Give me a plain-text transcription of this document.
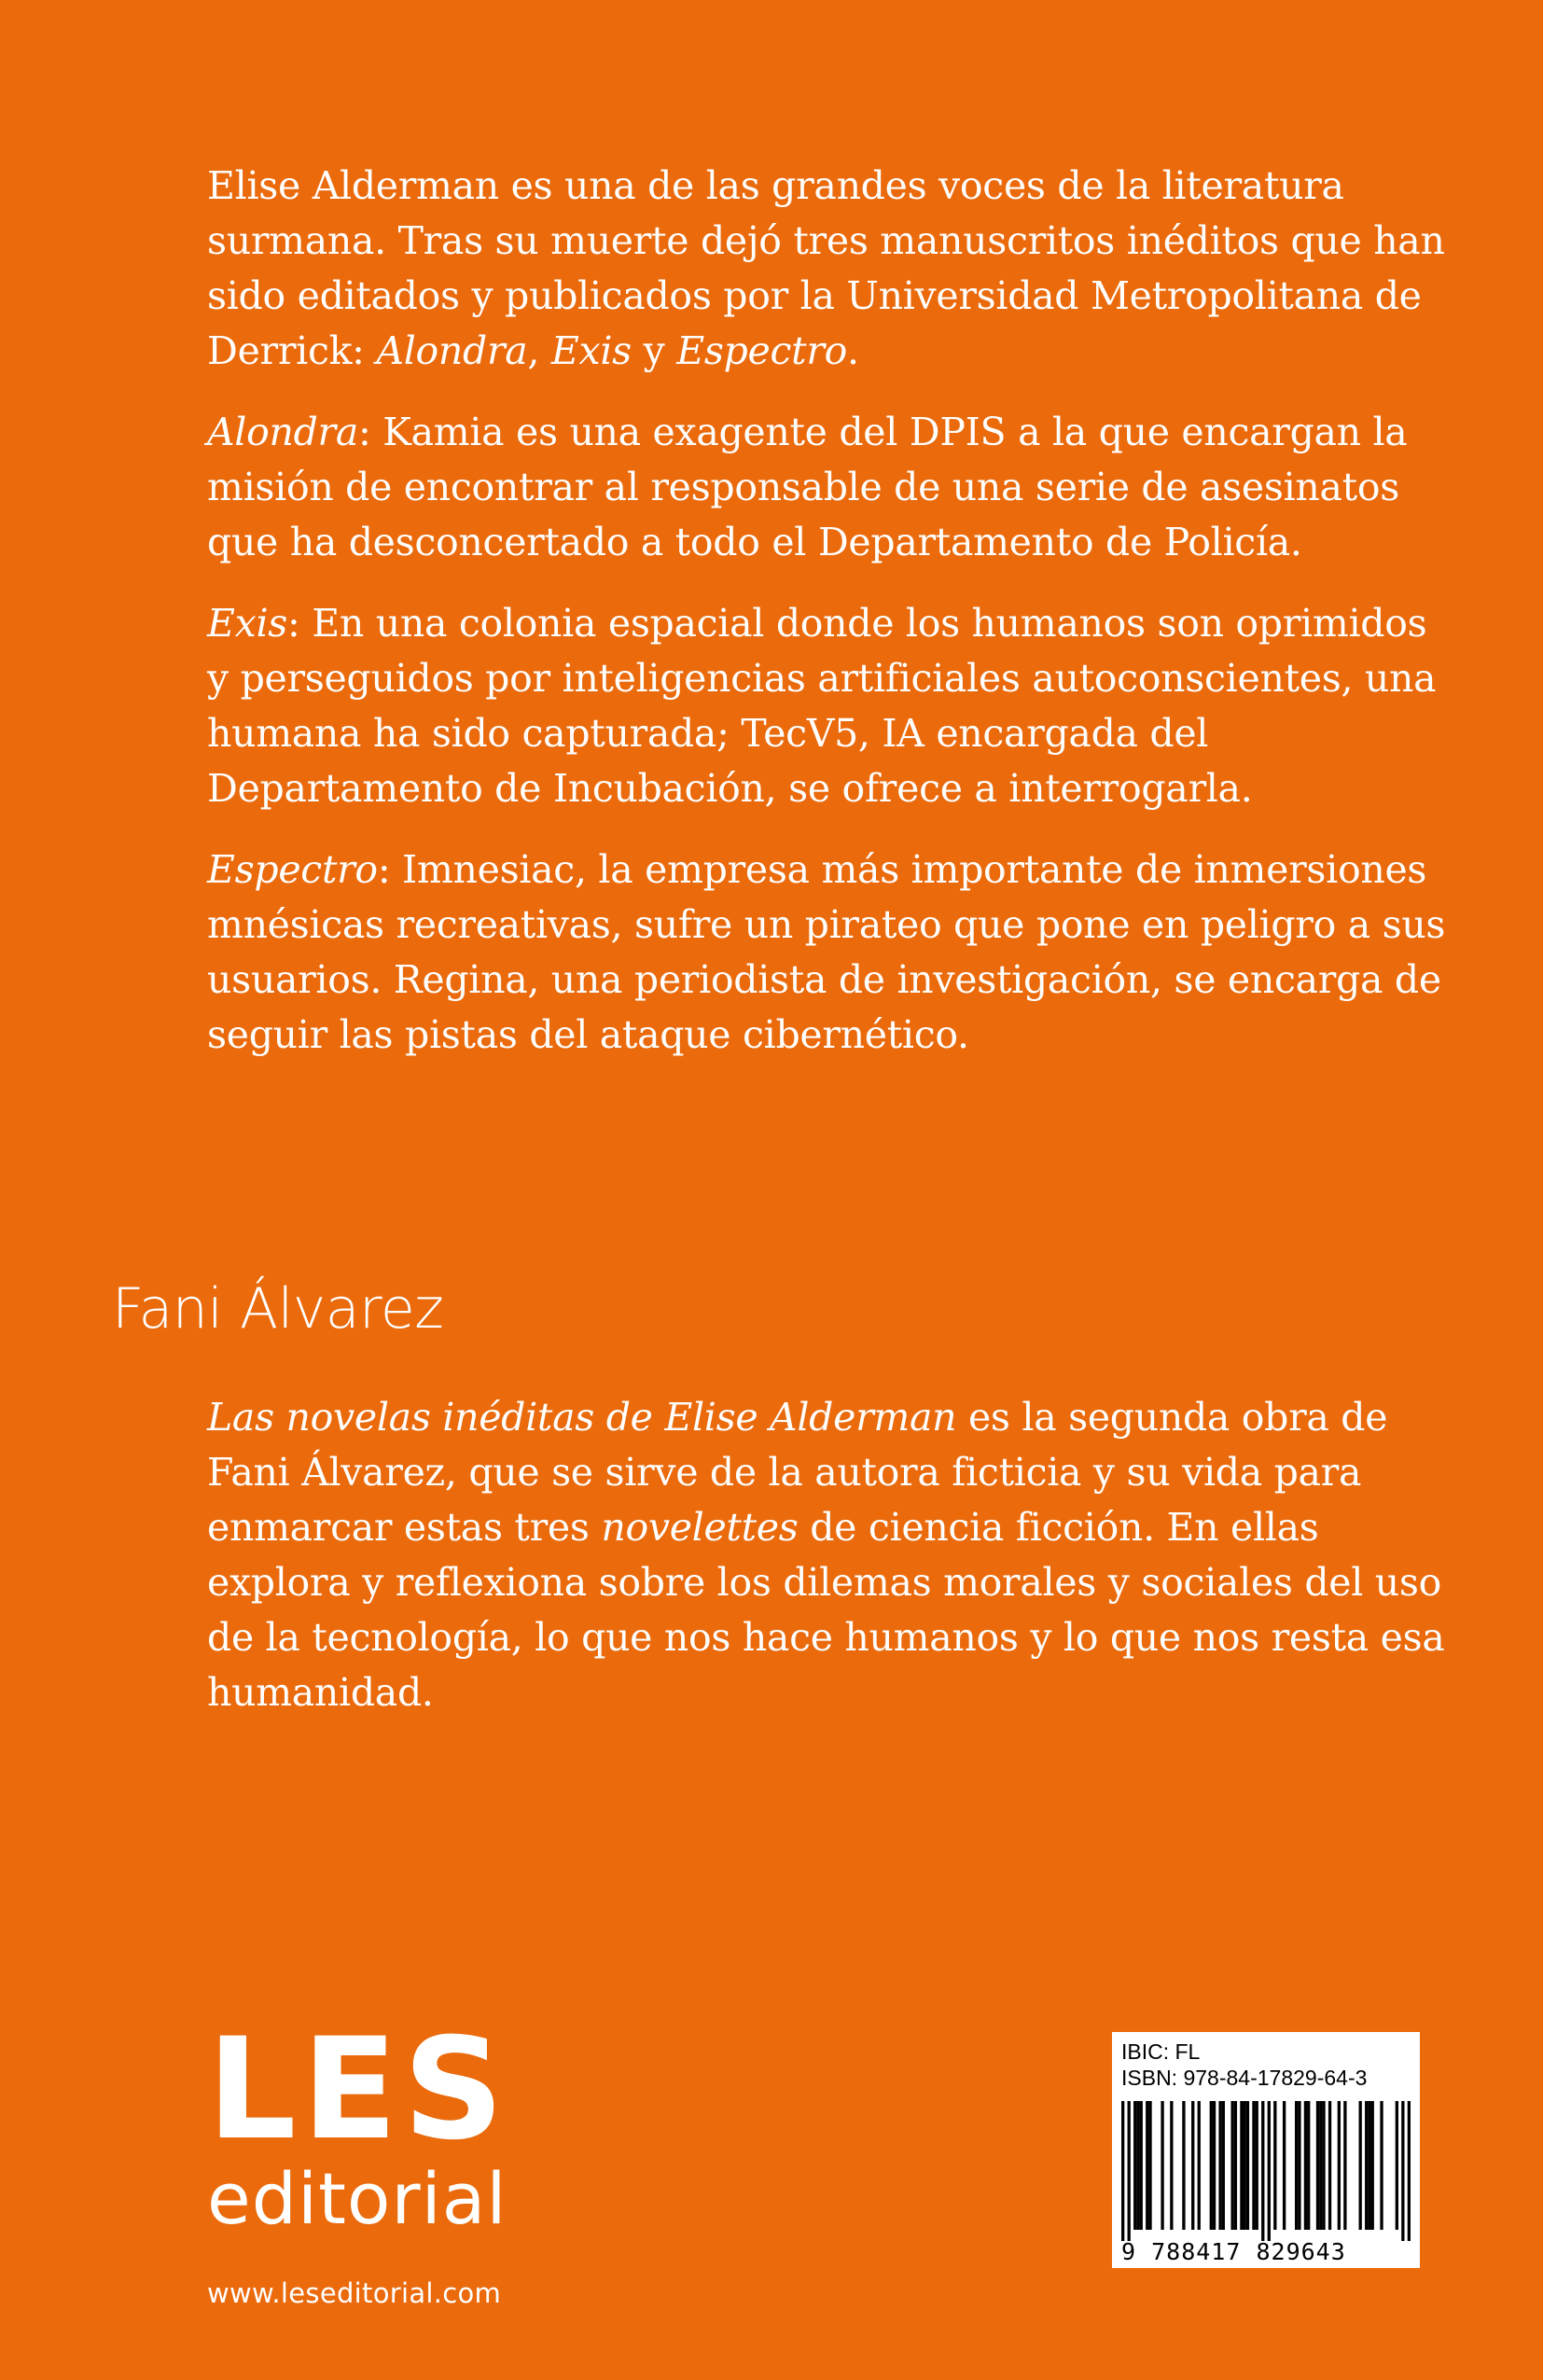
Elise Alderman es una de las grandes voces de la literatura surmana. Tras su muerte dejó tres manuscritos inéditos que han sido editados y publicados por la Universidad Metropolitana de Derrick: Alondra, Exis y Espectro.

Alondra: Kamia es una exagente del DPIS a la que encargan la misión de encontrar al responsable de una serie de asesinatos que ha desconcertado a todo el Departamento de Policía.

Exis: En una colonia espacial donde los humanos son oprimidos y perseguidos por inteligencias artificiales autoconscientes, una humana ha sido capturada; TecV5, IA encargada del Departamento de Incubación, se ofrece a interrogarla.

Espectro: Imnesiac, la empresa más importante de inmersiones mnésicas recreativas, sufre un pirateo que pone en peligro a sus usuarios. Regina, una periodista de investigación, se encarga de seguir las pistas del ataque cibernético.

Fani Álvarez

Las novelas inéditas de Elise Alderman es la segunda obra de Fani Álvarez, que se sirve de la autora ficticia y su vida para enmarcar estas tres novelettes de ciencia ficción. En ellas explora y reflexiona sobre los dilemas morales y sociales del uso de la tecnología, lo que nos hace humanos y lo que nos resta esa humanidad.

LES
editorial
www.leseditorial.com
IBIC: FL
ISBN: 978-84-17829-64-3
9 788417 829643
